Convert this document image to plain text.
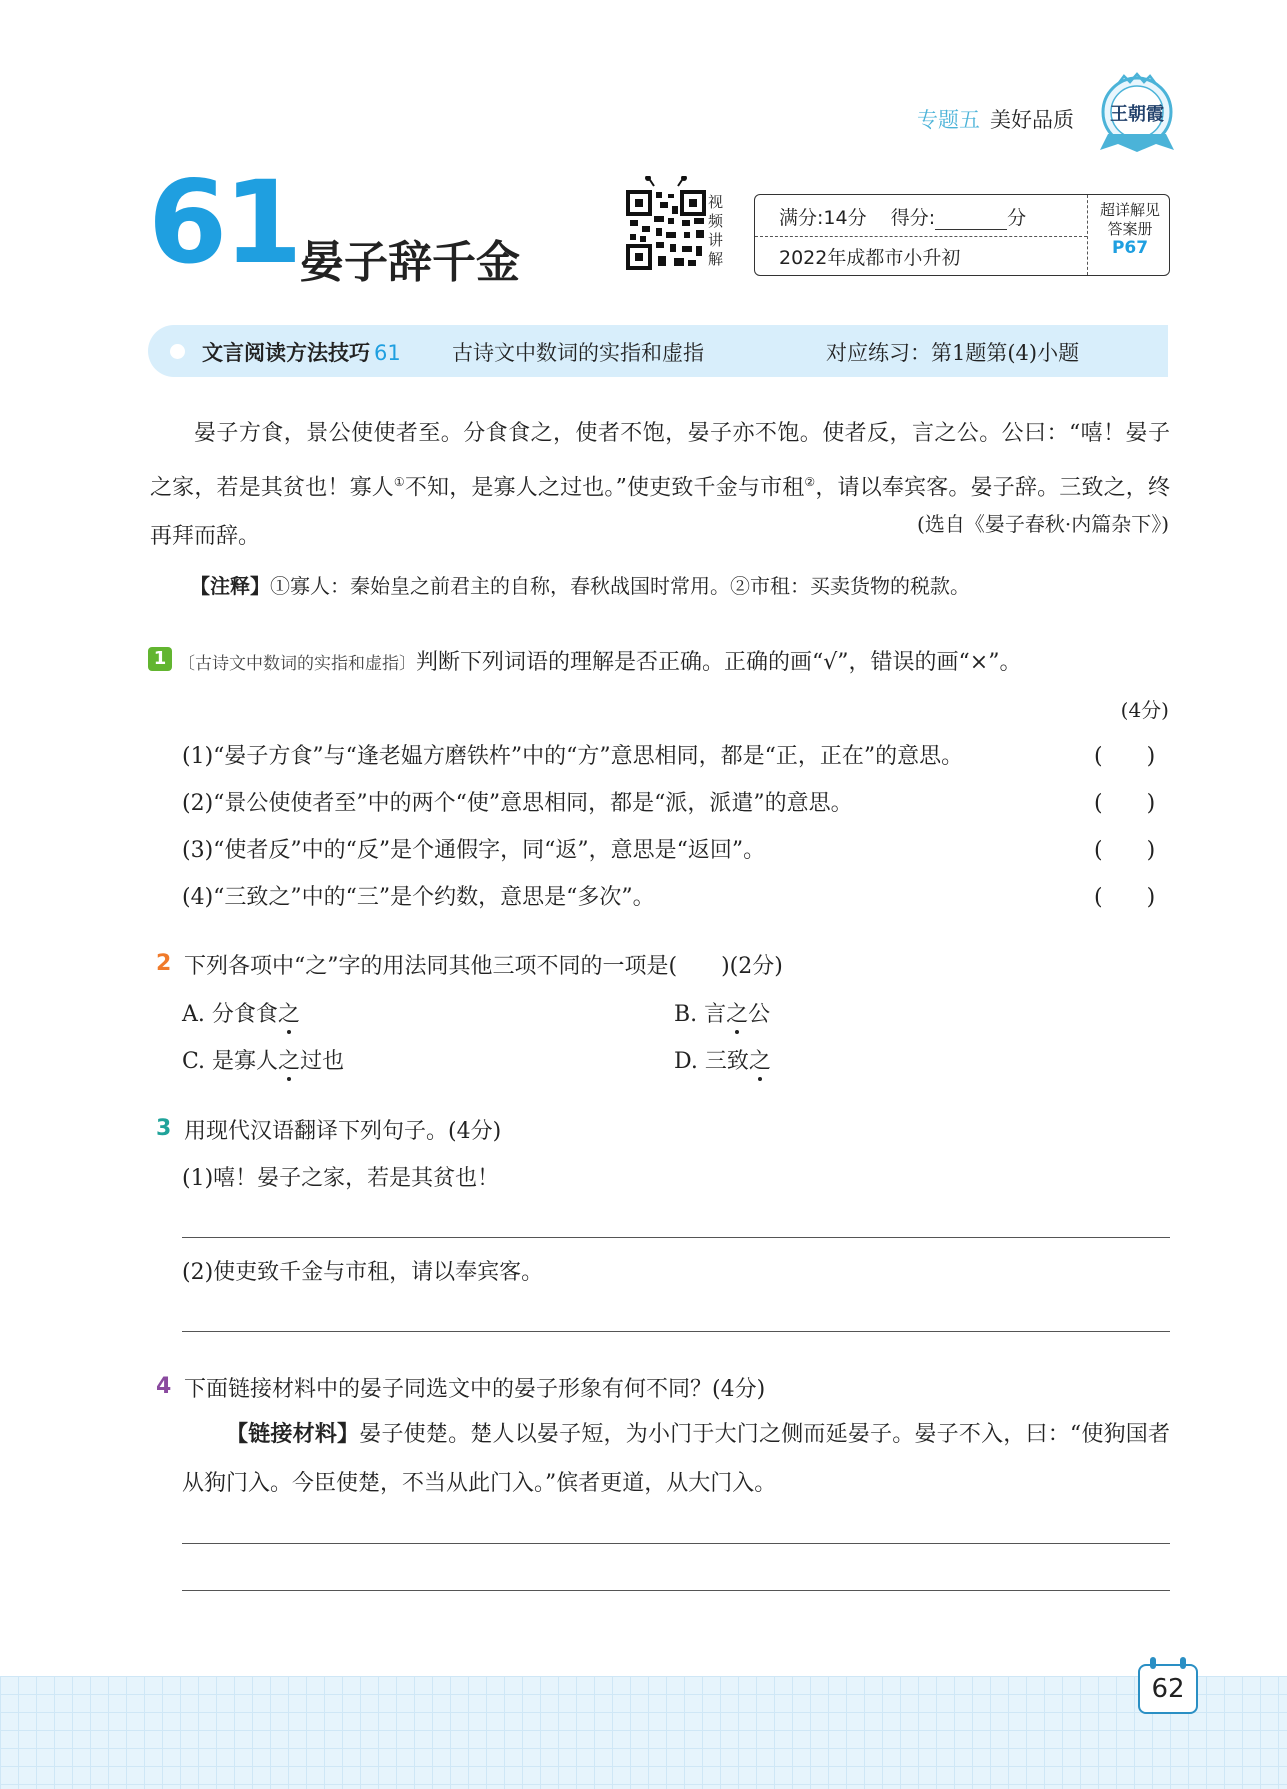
专题五 美好品质 王朝霞
61 晏子辞千金
视频讲解
满分:14分 得分:	分
2022年成都市小升初
超详解见
答案册
P67
文言阅读方法技巧 61 古诗文中数词的实指和虚指	对应练习：第1题第(4)小题
晏子方食，景公使使者至。分食食之，使者不饱，晏子亦不饱。使者反，言之公。公曰：“嘻！晏子之家，若是其贫也！寡人①不知，是寡人之过也。”使吏致千金与市租②，请以奉宾客。晏子辞。三致之，终再拜而辞。
(选自《晏子春秋·内篇杂下》)
【注释】①寡人：秦始皇之前君主的自称，春秋战国时常用。②市租：买卖货物的税款。
1 〔古诗文中数词的实指和虚指〕判断下列词语的理解是否正确。正确的画“√”，错误的画“×”。
(4分)
(1)“晏子方食”与“逢老媪方磨铁杵”中的“方”意思相同，都是“正，正在”的意思。	(　　)
(2)“景公使使者至”中的两个“使”意思相同，都是“派，派遣”的意思。	(　　)
(3)“使者反”中的“反”是个通假字，同“返”，意思是“返回”。	(　　)
(4)“三致之”中的“三”是个约数，意思是“多次”。	(　　)
2 下列各项中“之”字的用法同其他三项不同的一项是(　　)(2分)
A. 分食食之	B. 言之公
C. 是寡人之过也	D. 三致之
3 用现代汉语翻译下列句子。(4分)
(1)嘻！晏子之家，若是其贫也！
(2)使吏致千金与市租，请以奉宾客。
4 下面链接材料中的晏子同选文中的晏子形象有何不同？(4分)
【链接材料】晏子使楚。楚人以晏子短，为小门于大门之侧而延晏子。晏子不入，曰：“使狗国者从狗门入。今臣使楚，不当从此门入。”傧者更道，从大门入。
62
